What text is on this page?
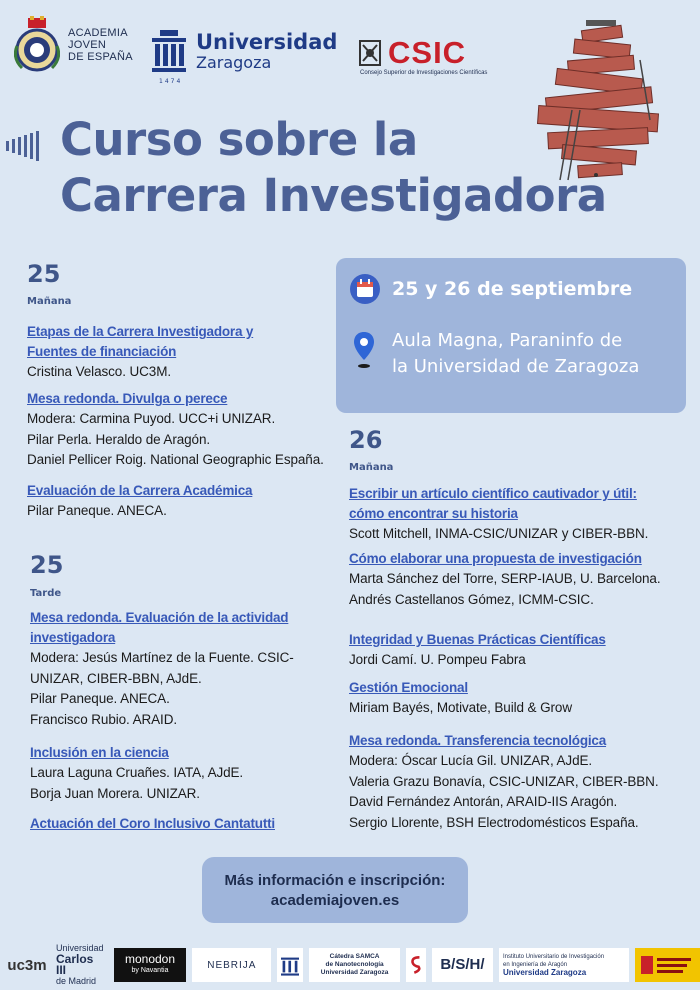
ACADEMIA
JOVEN
DE ESPAÑA
Universidad
Zaragoza
1474
CSIC
Consejo Superior de Investigaciones Científicas
Curso sobre la
Carrera Investigadora
25 y 26 de septiembre
Aula Magna, Paraninfo de
la Universidad de Zaragoza
25
Mañana
Etapas de la Carrera Investigadora y
Fuentes de financiación
Cristina Velasco. UC3M.
Mesa redonda. Divulga o perece
Modera: Carmina Puyod. UCC+i UNIZAR.
Pilar Perla. Heraldo de Aragón.
Daniel Pellicer Roig. National Geographic España.
Evaluación de la Carrera Académica
Pilar Paneque. ANECA.
25
Tarde
Mesa redonda. Evaluación de la actividad
investigadora
Modera: Jesús Martínez de la Fuente. CSIC-
UNIZAR, CIBER-BBN, AJdE.
Pilar Paneque. ANECA.
Francisco Rubio. ARAID.
Inclusión en la ciencia
Laura Laguna Cruañes. IATA, AJdE.
Borja Juan Morera. UNIZAR.
Actuación del Coro Inclusivo Cantatutti
26
Mañana
Escribir un artículo científico cautivador y útil:
cómo encontrar su historia
Scott Mitchell, INMA-CSIC/UNIZAR y CIBER-BBN.
Cómo elaborar una propuesta de investigación
Marta Sánchez del Torre, SERP-IAUB, U. Barcelona.
Andrés Castellanos Gómez, ICMM-CSIC.
Integridad y Buenas Prácticas Científicas
Jordi Camí. U. Pompeu Fabra
Gestión Emocional
Miriam Bayés, Motivate, Build & Grow
Mesa redonda. Transferencia tecnológica
Modera: Óscar Lucía Gil. UNIZAR, AJdE.
Valeria Grazu Bonavía, CSIC-UNIZAR, CIBER-BBN.
David Fernández Antorán, ARAID-IIS Aragón.
Sergio Llorente, BSH Electrodomésticos España.
Más información e inscripción:
academiajoven.es
uc3m
Universidad
Carlos III
de Madrid
monodon
by Navantia	NEBRIJA
Cátedra SAMCA
de Nanotecnología
Universidad Zaragoza	B/S/H/	Instituto Universitario de Investigación
en Ingeniería de Aragón
Universidad Zaragoza
